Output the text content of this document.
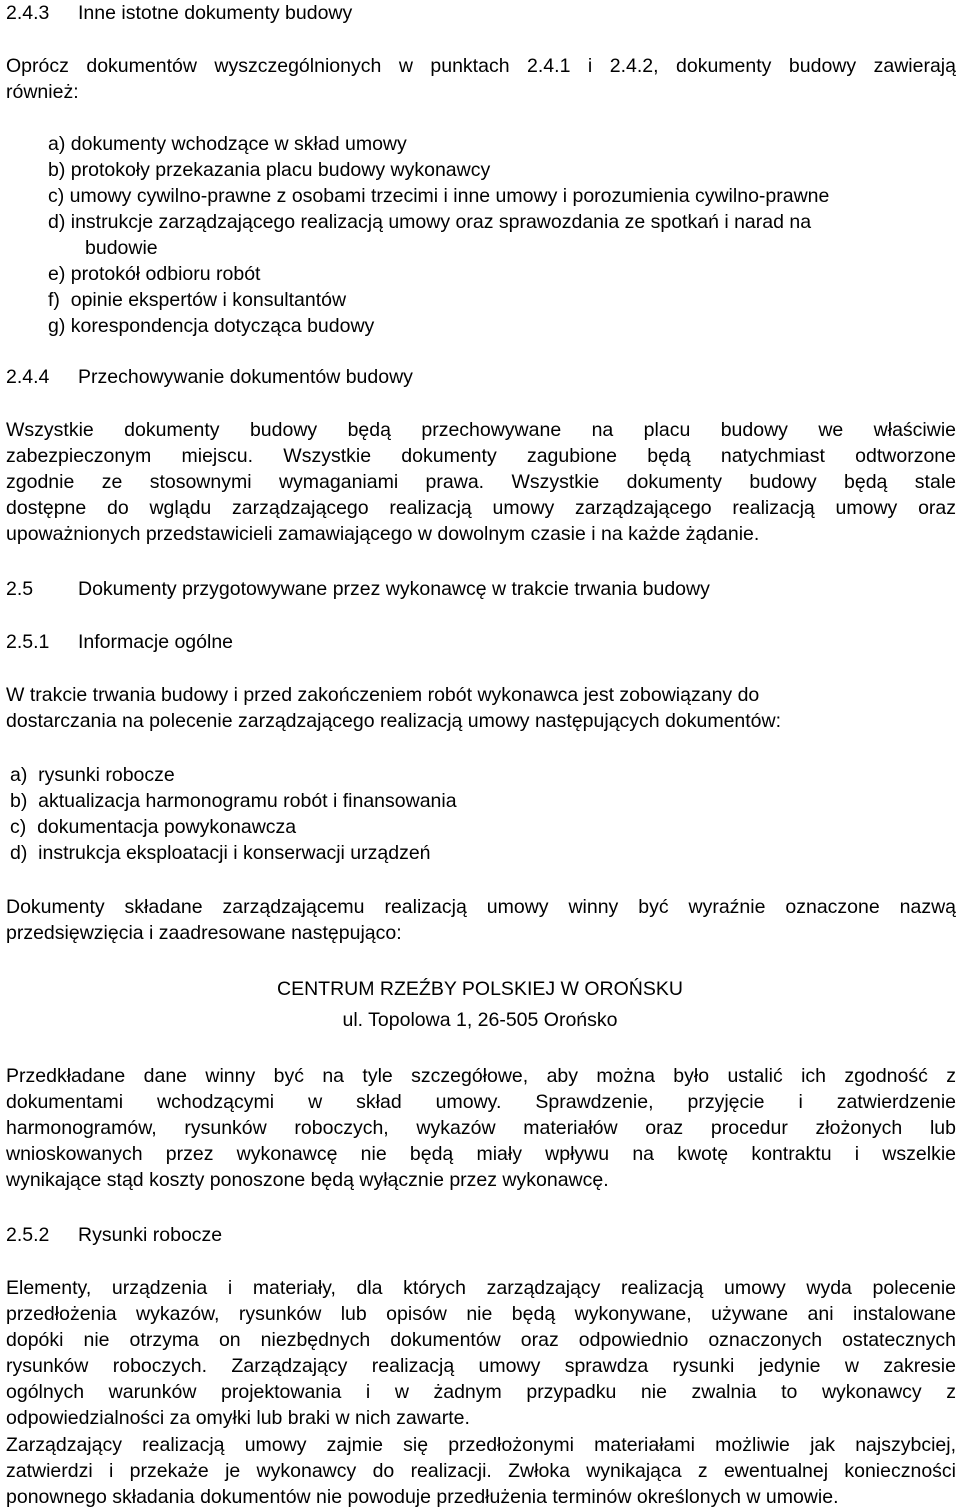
2.4.3 Inne istotne dokumenty budowy
Oprócz dokumentów wyszczególnionych w punktach 2.4.1 i 2.4.2, dokumenty budowy zawierają
również:
a) dokumenty wchodzące w skład umowy
b) protokoły przekazania placu budowy wykonawcy
c) umowy cywilno-prawne z osobami trzecimi i inne umowy i porozumienia cywilno-prawne
d) instrukcje zarządzającego realizacją umowy oraz sprawozdania ze spotkań i narad na
budowie
e) protokół odbioru robót
f)  opinie ekspertów i konsultantów
g) korespondencja dotycząca budowy
2.4.4 Przechowywanie dokumentów budowy
Wszystkie dokumenty budowy będą przechowywane na placu budowy we właściwie
zabezpieczonym miejscu. Wszystkie dokumenty zagubione będą natychmiast odtworzone
zgodnie ze stosownymi wymaganiami prawa. Wszystkie dokumenty budowy będą stale
dostępne do wglądu zarządzającego realizacją umowy zarządzającego realizacją umowy oraz
upoważnionych przedstawicieli zamawiającego w dowolnym czasie i na każde żądanie.
2.5 Dokumenty przygotowywane przez wykonawcę w trakcie trwania budowy
2.5.1 Informacje ogólne
W trakcie trwania budowy i przed zakończeniem robót wykonawca jest zobowiązany do
dostarczania na polecenie zarządzającego realizacją umowy następujących dokumentów:
a)  rysunki robocze
b)  aktualizacja harmonogramu robót i finansowania
c)  dokumentacja powykonawcza
d)  instrukcja eksploatacji i konserwacji urządzeń
Dokumenty składane zarządzającemu realizacją umowy winny być wyraźnie oznaczone nazwą
przedsięwzięcia i zaadresowane następująco:
CENTRUM RZEŹBY POLSKIEJ W OROŃSKU
ul. Topolowa 1, 26-505 Orońsko
Przedkładane dane winny być na tyle szczegółowe, aby można było ustalić ich zgodność z
dokumentami wchodzącymi w skład umowy. Sprawdzenie, przyjęcie i zatwierdzenie
harmonogramów, rysunków roboczych, wykazów materiałów oraz procedur złożonych lub
wnioskowanych przez wykonawcę nie będą miały wpływu na kwotę kontraktu i wszelkie
wynikające stąd koszty ponoszone będą wyłącznie przez wykonawcę.
2.5.2 Rysunki robocze
Elementy, urządzenia i materiały, dla których zarządzający realizacją umowy wyda polecenie
przedłożenia wykazów, rysunków lub opisów nie będą wykonywane, używane ani instalowane
dopóki nie otrzyma on niezbędnych dokumentów oraz odpowiednio oznaczonych ostatecznych
rysunków roboczych. Zarządzający realizacją umowy sprawdza rysunki jedynie w zakresie
ogólnych warunków projektowania i w żadnym przypadku nie zwalnia to wykonawcy z
odpowiedzialności za omyłki lub braki w nich zawarte.
Zarządzający realizacją umowy zajmie się przedłożonymi materiałami możliwie jak najszybciej,
zatwierdzi i przekaże je wykonawcy do realizacji. Zwłoka wynikająca z ewentualnej konieczności
ponownego składania dokumentów nie powoduje przedłużenia terminów określonych w umowie.
